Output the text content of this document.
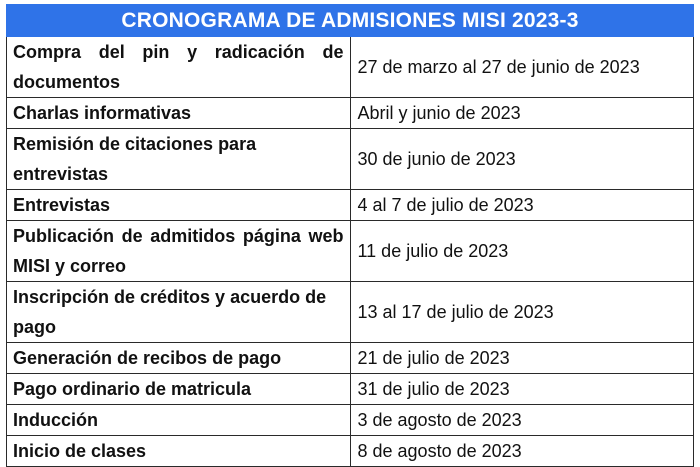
CRONOGRAMA DE ADMISIONES MISI 2023-3	
Compra del pin y radicación de documentos	27 de marzo al 27 de junio de 2023
Charlas informativas	Abril y junio de 2023
Remisión de citaciones para entrevistas	30 de junio de 2023
Entrevistas	4 al 7 de julio de 2023
Publicación de admitidos página web MISI y correo	11 de julio de 2023
Inscripción de créditos y acuerdo de pago	13 al 17 de julio de 2023
Generación de recibos de pago	21 de julio de 2023
Pago ordinario de matricula	31 de julio de 2023
Inducción	3 de agosto de 2023
Inicio de clases	8 de agosto de 2023
